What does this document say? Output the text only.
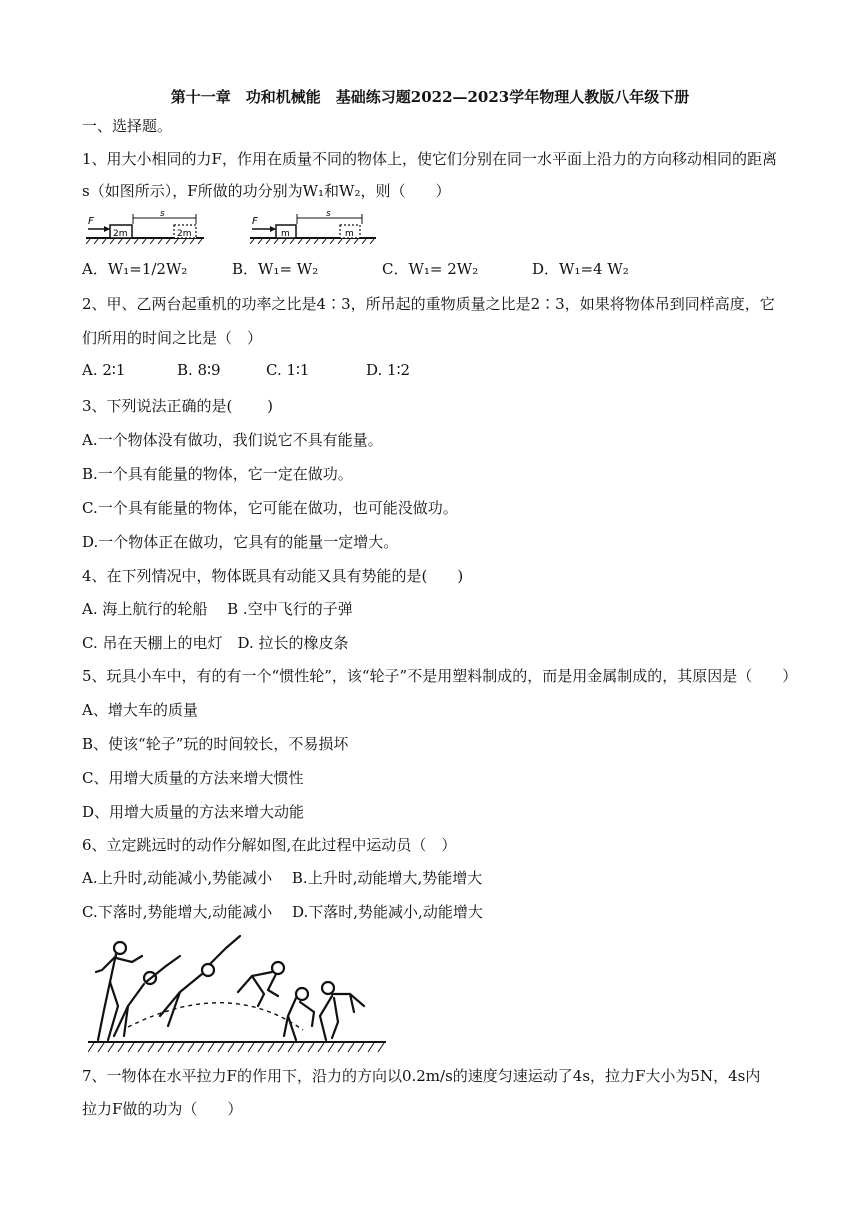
第十一章　功和机械能　基础练习题2022—2023学年物理人教版八年级下册
一、选择题。
1、用大小相同的力F，作用在质量不同的物体上，使它们分别在同一水平面上沿力的方向移动相同的距离
s（如图所示），F所做的功分别为W₁和W₂，则（　　）
2m
F
s
2m	m
F
s
m
A．W₁=1/2W₂	B．W₁= W₂	C．W₁= 2W₂	D．W₁=4 W₂
2、甲、乙两台起重机的功率之比是4∶3，所吊起的重物质量之比是2∶3，如果将物体吊到同样高度，它
们所用的时间之比是（　）
A. 2∶1	B. 8∶9	C. 1∶1	D. 1∶2
3、下列说法正确的是(　　 )
A.一个物体没有做功，我们说它不具有能量。
B.一个具有能量的物体，它一定在做功。
C.一个具有能量的物体，它可能在做功，也可能没做功。
D.一个物体正在做功，它具有的能量一定增大。
4、在下列情况中，物体既具有动能又具有势能的是(　　)
A. 海上航行的轮船　 B .空中飞行的子弹
C. 吊在天棚上的电灯　D. 拉长的橡皮条
5、玩具小车中，有的有一个“惯性轮”，该“轮子”不是用塑料制成的，而是用金属制成的，其原因是（　　）
A、增大车的质量
B、使该“轮子”玩的时间较长，不易损坏
C、用增大质量的方法来增大惯性
D、用增大质量的方法来增大动能
6、立定跳远时的动作分解如图,在此过程中运动员（　）
A.上升时,动能减小,势能减小　 B.上升时,动能增大,势能增大
C.下落时,势能增大,动能减小　 D.下落时,势能减小,动能增大
7、一物体在水平拉力F的作用下，沿力的方向以0.2m/s的速度匀速运动了4s，拉力F大小为5N，4s内
拉力F做的功为（　　）
